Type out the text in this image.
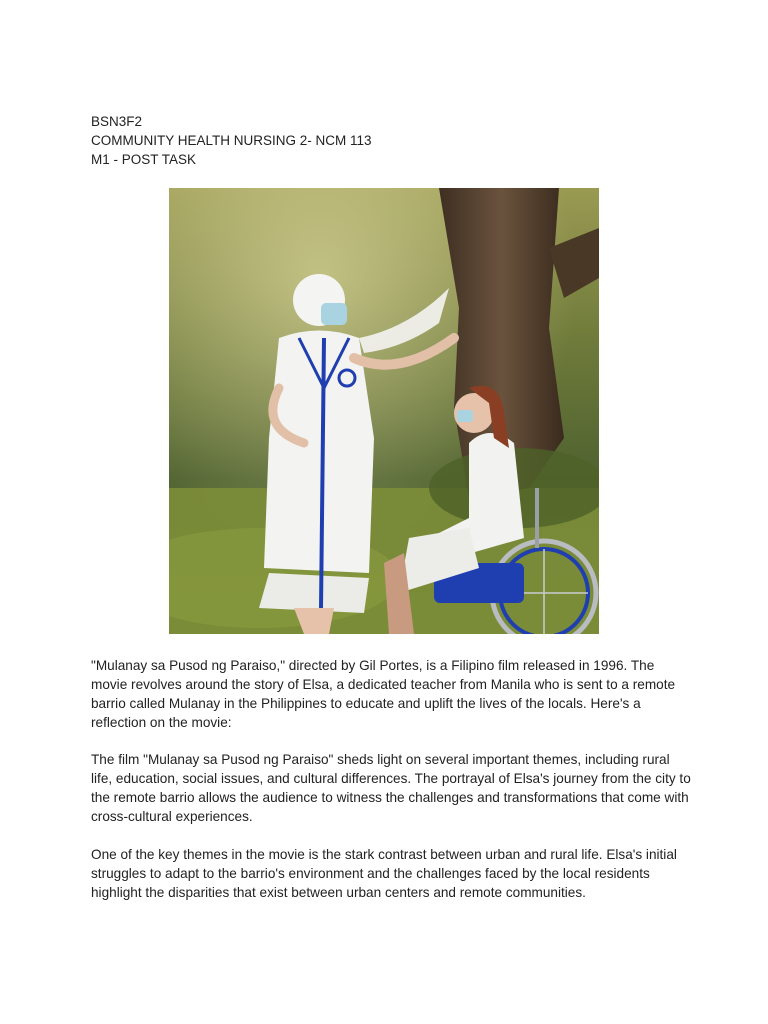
BSN3F2
COMMUNITY HEALTH NURSING 2- NCM 113
M1 - POST TASK

"Mulanay sa Pusod ng Paraiso," directed by Gil Portes, is a Filipino film released in 1996. The movie revolves around the story of Elsa, a dedicated teacher from Manila who is sent to a remote barrio called Mulanay in the Philippines to educate and uplift the lives of the locals. Here's a reflection on the movie:

The film "Mulanay sa Pusod ng Paraiso" sheds light on several important themes, including rural life, education, social issues, and cultural differences. The portrayal of Elsa's journey from the city to the remote barrio allows the audience to witness the challenges and transformations that come with cross-cultural experiences.

One of the key themes in the movie is the stark contrast between urban and rural life. Elsa's initial struggles to adapt to the barrio's environment and the challenges faced by the local residents highlight the disparities that exist between urban centers and remote communities.
